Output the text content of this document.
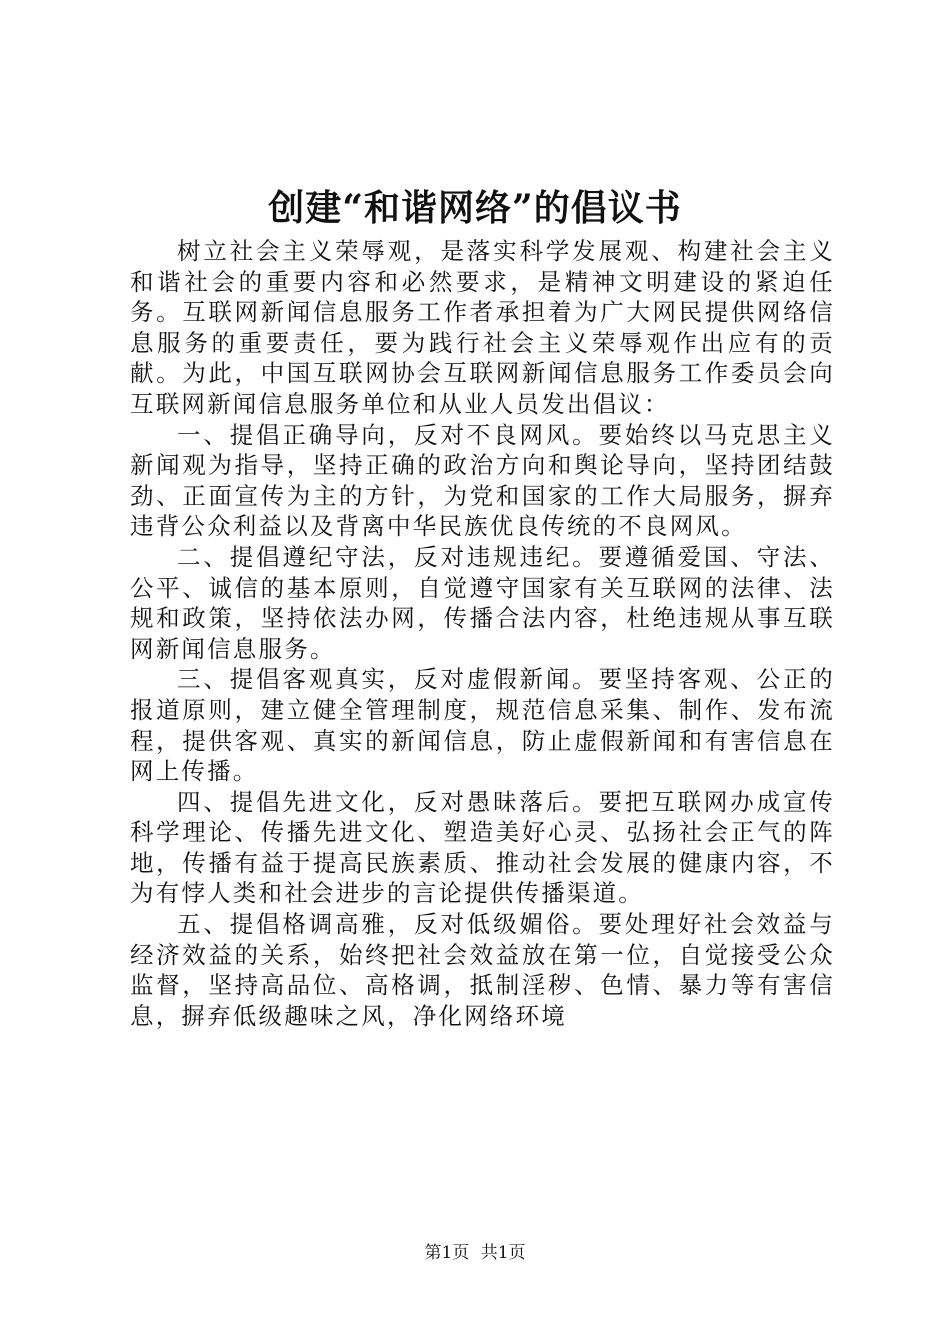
创建“和谐网络”的倡议书

树立社会主义荣辱观，是落实科学发展观、构建社会主义和谐社会的重要内容和必然要求，是精神文明建设的紧迫任务。互联网新闻信息服务工作者承担着为广大网民提供网络信息服务的重要责任，要为践行社会主义荣辱观作出应有的贡献。为此，中国互联网协会互联网新闻信息服务工作委员会向互联网新闻信息服务单位和从业人员发出倡议：

一、提倡正确导向，反对不良网风。要始终以马克思主义新闻观为指导，坚持正确的政治方向和舆论导向，坚持团结鼓劲、正面宣传为主的方针，为党和国家的工作大局服务，摒弃违背公众利益以及背离中华民族优良传统的不良网风。

二、提倡遵纪守法，反对违规违纪。要遵循爱国、守法、公平、诚信的基本原则，自觉遵守国家有关互联网的法律、法规和政策，坚持依法办网，传播合法内容，杜绝违规从事互联网新闻信息服务。

三、提倡客观真实，反对虚假新闻。要坚持客观、公正的报道原则，建立健全管理制度，规范信息采集、制作、发布流程，提供客观、真实的新闻信息，防止虚假新闻和有害信息在网上传播。

四、提倡先进文化，反对愚昧落后。要把互联网办成宣传科学理论、传播先进文化、塑造美好心灵、弘扬社会正气的阵地，传播有益于提高民族素质、推动社会发展的健康内容，不为有悖人类和社会进步的言论提供传播渠道。

五、提倡格调高雅，反对低级媚俗。要处理好社会效益与经济效益的关系，始终把社会效益放在第一位，自觉接受公众监督，坚持高品位、高格调，抵制淫秽、色情、暴力等有害信息，摒弃低级趣味之风，净化网络环境

第1页 共1页
